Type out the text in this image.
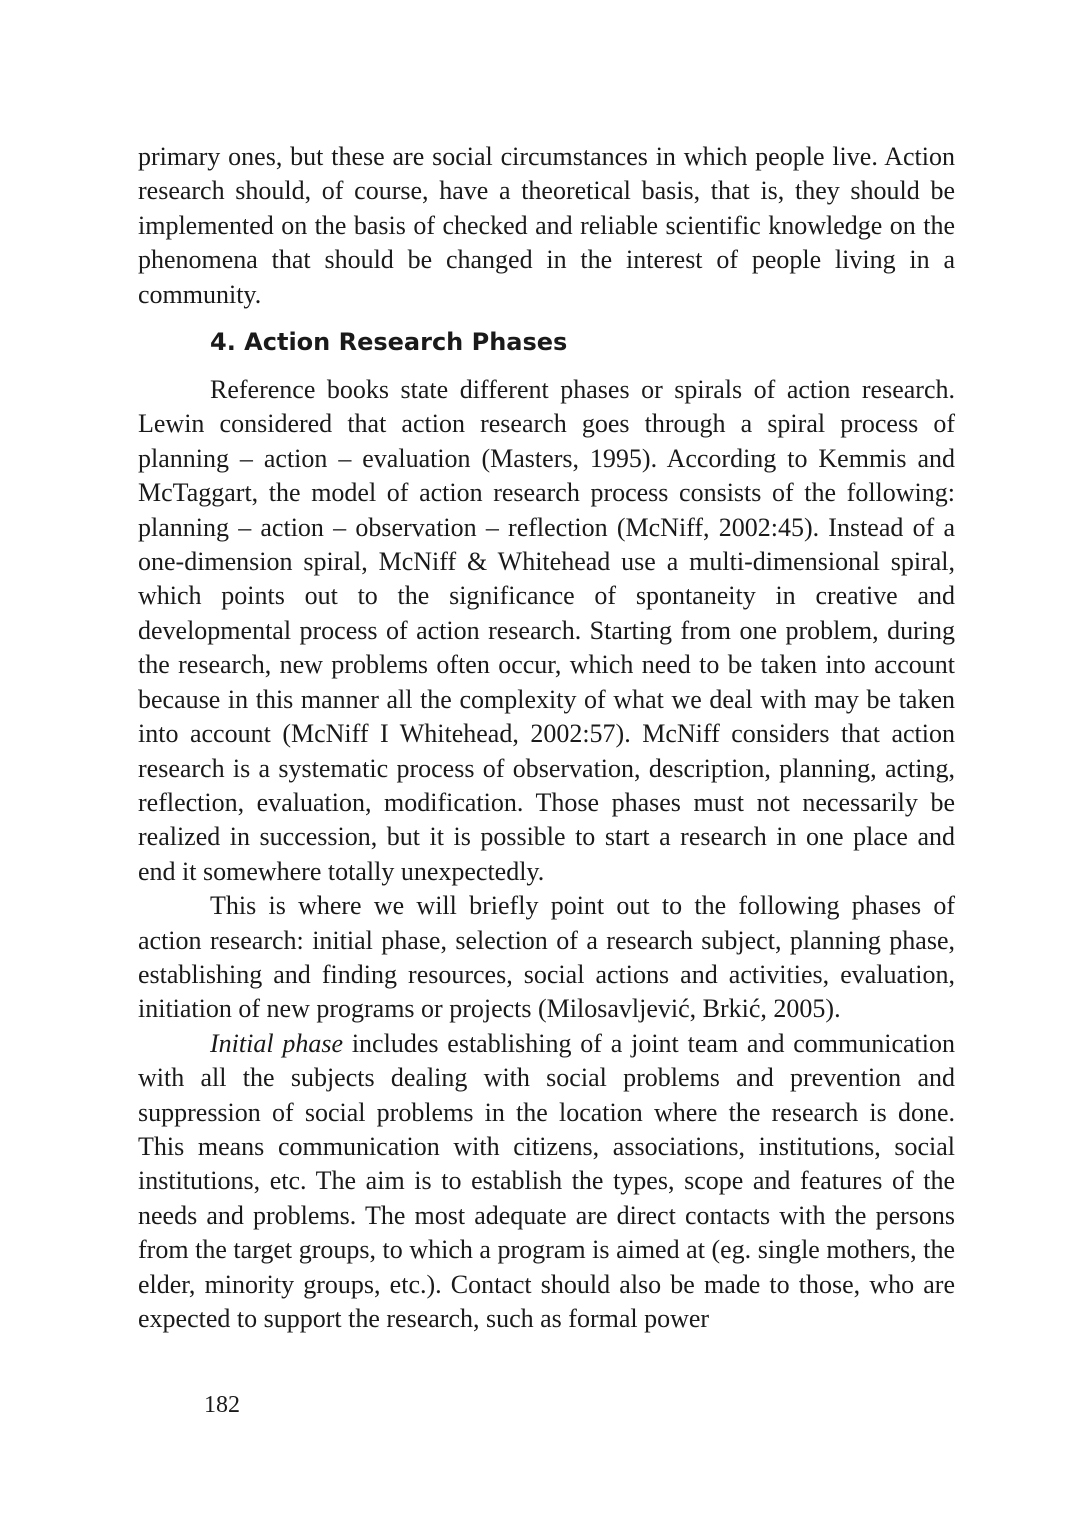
primary ones, but these are social circumstances in which people live. Action research should, of course, have a theoretical basis, that is, they should be implemented on the basis of checked and reliable scientific knowledge on the phenomena that should be changed in the interest of people living in a community.

4. Action Research Phases

Reference books state different phases or spirals of action research. Lewin considered that action research goes through a spiral process of planning – action – evaluation (Masters, 1995). According to Kemmis and McTaggart, the model of action research process consists of the following: planning – action – observation – reflection (McNiff, 2002:45). Instead of a one-dimension spiral, McNiff & Whitehead use a multi-dimensional spiral, which points out to the significance of spontaneity in creative and developmental process of action research. Starting from one problem, during the research, new problems often occur, which need to be taken into account because in this manner all the complexity of what we deal with may be taken into account (McNiff I Whitehead, 2002:57). McNiff considers that action research is a systematic process of observation, description, planning, acting, reflection, evaluation, modification. Those phases must not necessarily be realized in succession, but it is possible to start a research in one place and end it somewhere totally unexpectedly.

This is where we will briefly point out to the following phases of action research: initial phase, selection of a research subject, planning phase, establishing and finding resources, social actions and activities, evaluation, initiation of new programs or projects (Milosavljević, Brkić, 2005).

Initial phase includes establishing of a joint team and communication with all the subjects dealing with social problems and prevention and suppression of social problems in the location where the research is done. This means communication with citizens, associations, institutions, social institutions, etc. The aim is to establish the types, scope and features of the needs and problems. The most adequate are direct contacts with the persons from the target groups, to which a program is aimed at (eg. single mothers, the elder, minority groups, etc.). Contact should also be made to those, who are expected to support the research, such as formal power

182
